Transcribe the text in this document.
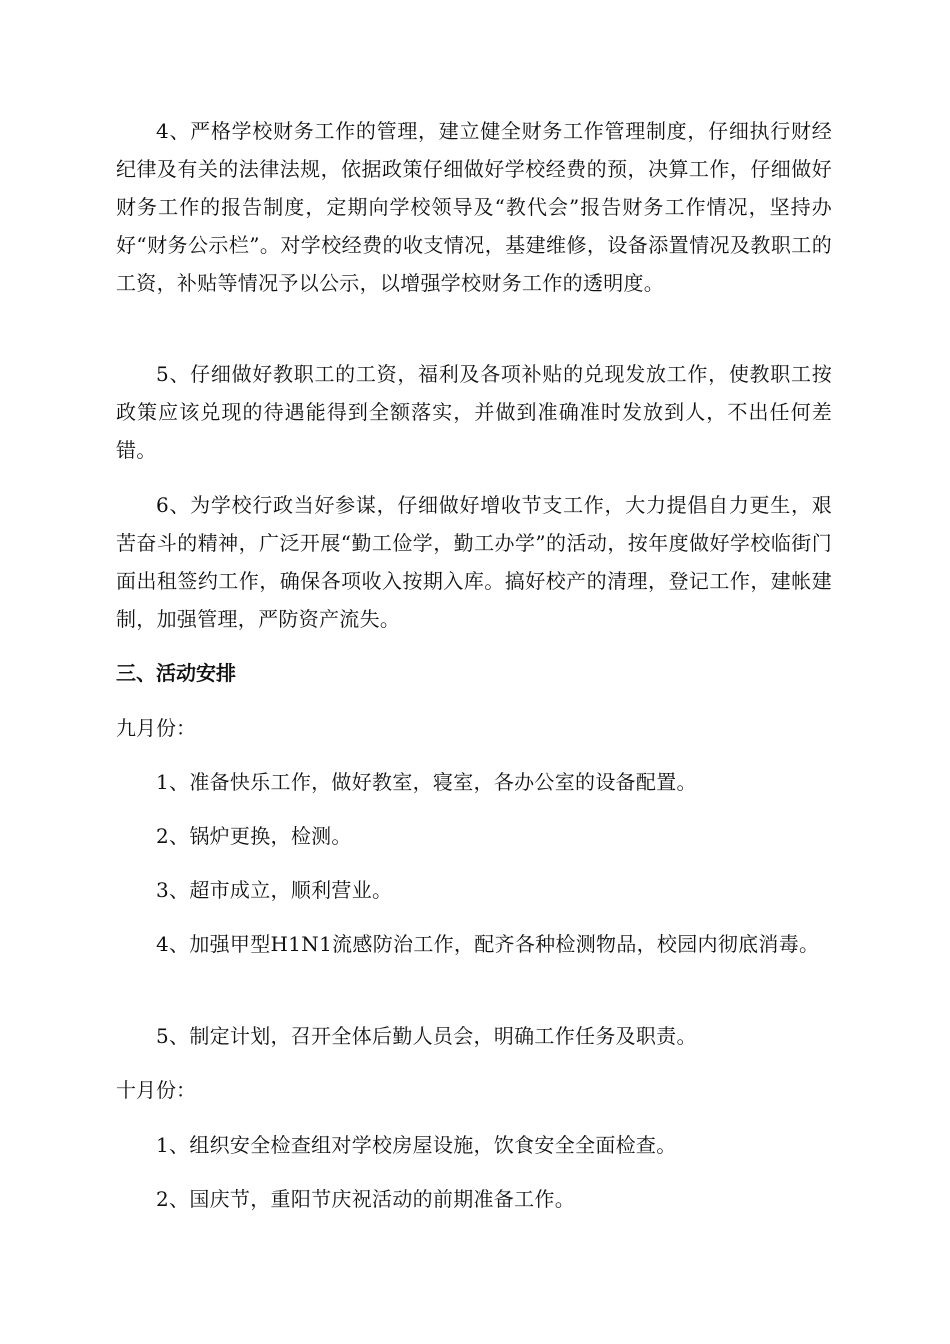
4、严格学校财务工作的管理，建立健全财务工作管理制度，仔细执行财经纪律及有关的法律法规，依据政策仔细做好学校经费的预，决算工作，仔细做好财务工作的报告制度，定期向学校领导及“教代会”报告财务工作情况，坚持办好“财务公示栏”。对学校经费的收支情况，基建维修，设备添置情况及教职工的工资，补贴等情况予以公示，以增强学校财务工作的透明度。

5、仔细做好教职工的工资，福利及各项补贴的兑现发放工作，使教职工按政策应该兑现的待遇能得到全额落实，并做到准确准时发放到人，不出任何差错。

6、为学校行政当好参谋，仔细做好增收节支工作，大力提倡自力更生，艰苦奋斗的精神，广泛开展“勤工俭学，勤工办学”的活动，按年度做好学校临街门面出租签约工作，确保各项收入按期入库。搞好校产的清理，登记工作，建帐建制，加强管理，严防资产流失。

三、活动安排

九月份：

1、准备快乐工作，做好教室，寝室，各办公室的设备配置。

2、锅炉更换，检测。

3、超市成立，顺利营业。

4、加强甲型H1N1流感防治工作，配齐各种检测物品，校园内彻底消毒。

5、制定计划，召开全体后勤人员会，明确工作任务及职责。

十月份：

1、组织安全检查组对学校房屋设施，饮食安全全面检查。

2、国庆节，重阳节庆祝活动的前期准备工作。
